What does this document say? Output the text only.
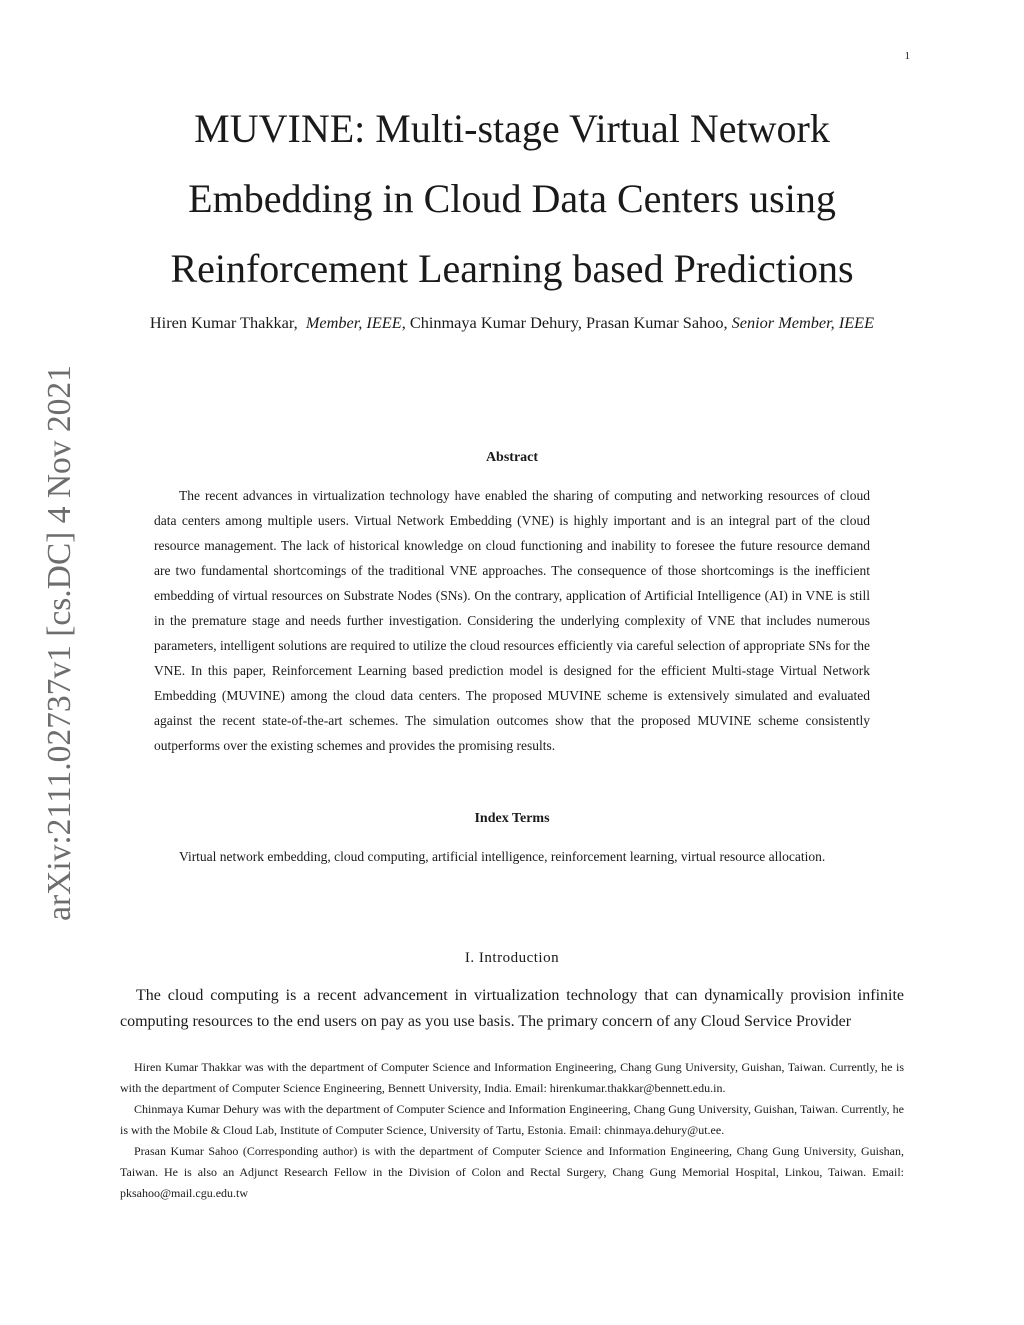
1
arXiv:2111.02737v1 [cs.DC] 4 Nov 2021
MUVINE: Multi-stage Virtual Network
Embedding in Cloud Data Centers using
Reinforcement Learning based Predictions
Hiren Kumar Thakkar, Member, IEEE, Chinmaya Kumar Dehury, Prasan Kumar Sahoo, Senior Member, IEEE
Abstract

The recent advances in virtualization technology have enabled the sharing of computing and networking resources of cloud data centers among multiple users. Virtual Network Embedding (VNE) is highly important and is an integral part of the cloud resource management. The lack of historical knowledge on cloud functioning and inability to foresee the future resource demand are two fundamental shortcomings of the traditional VNE approaches. The consequence of those shortcomings is the inefficient embedding of virtual resources on Substrate Nodes (SNs). On the contrary, application of Artificial Intelligence (AI) in VNE is still in the premature stage and needs further investigation. Considering the underlying complexity of VNE that includes numerous parameters, intelligent solutions are required to utilize the cloud resources efficiently via careful selection of appropriate SNs for the VNE. In this paper, Reinforcement Learning based prediction model is designed for the efficient Multi-stage Virtual Network Embedding (MUVINE) among the cloud data centers. The proposed MUVINE scheme is extensively simulated and evaluated against the recent state-of-the-art schemes. The simulation outcomes show that the proposed MUVINE scheme consistently outperforms over the existing schemes and provides the promising results.

Index Terms

Virtual network embedding, cloud computing, artificial intelligence, reinforcement learning, virtual resource allocation.

I. Introduction

The cloud computing is a recent advancement in virtualization technology that can dynamically provision infinite computing resources to the end users on pay as you use basis. The primary concern of any Cloud Service Provider

Hiren Kumar Thakkar was with the department of Computer Science and Information Engineering, Chang Gung University, Guishan, Taiwan. Currently, he is with the department of Computer Science Engineering, Bennett University, India. Email: hirenkumar.thakkar@bennett.edu.in.

Chinmaya Kumar Dehury was with the department of Computer Science and Information Engineering, Chang Gung University, Guishan, Taiwan. Currently, he is with the Mobile & Cloud Lab, Institute of Computer Science, University of Tartu, Estonia. Email: chinmaya.dehury@ut.ee.

Prasan Kumar Sahoo (Corresponding author) is with the department of Computer Science and Information Engineering, Chang Gung University, Guishan, Taiwan. He is also an Adjunct Research Fellow in the Division of Colon and Rectal Surgery, Chang Gung Memorial Hospital, Linkou, Taiwan. Email: pksahoo@mail.cgu.edu.tw
